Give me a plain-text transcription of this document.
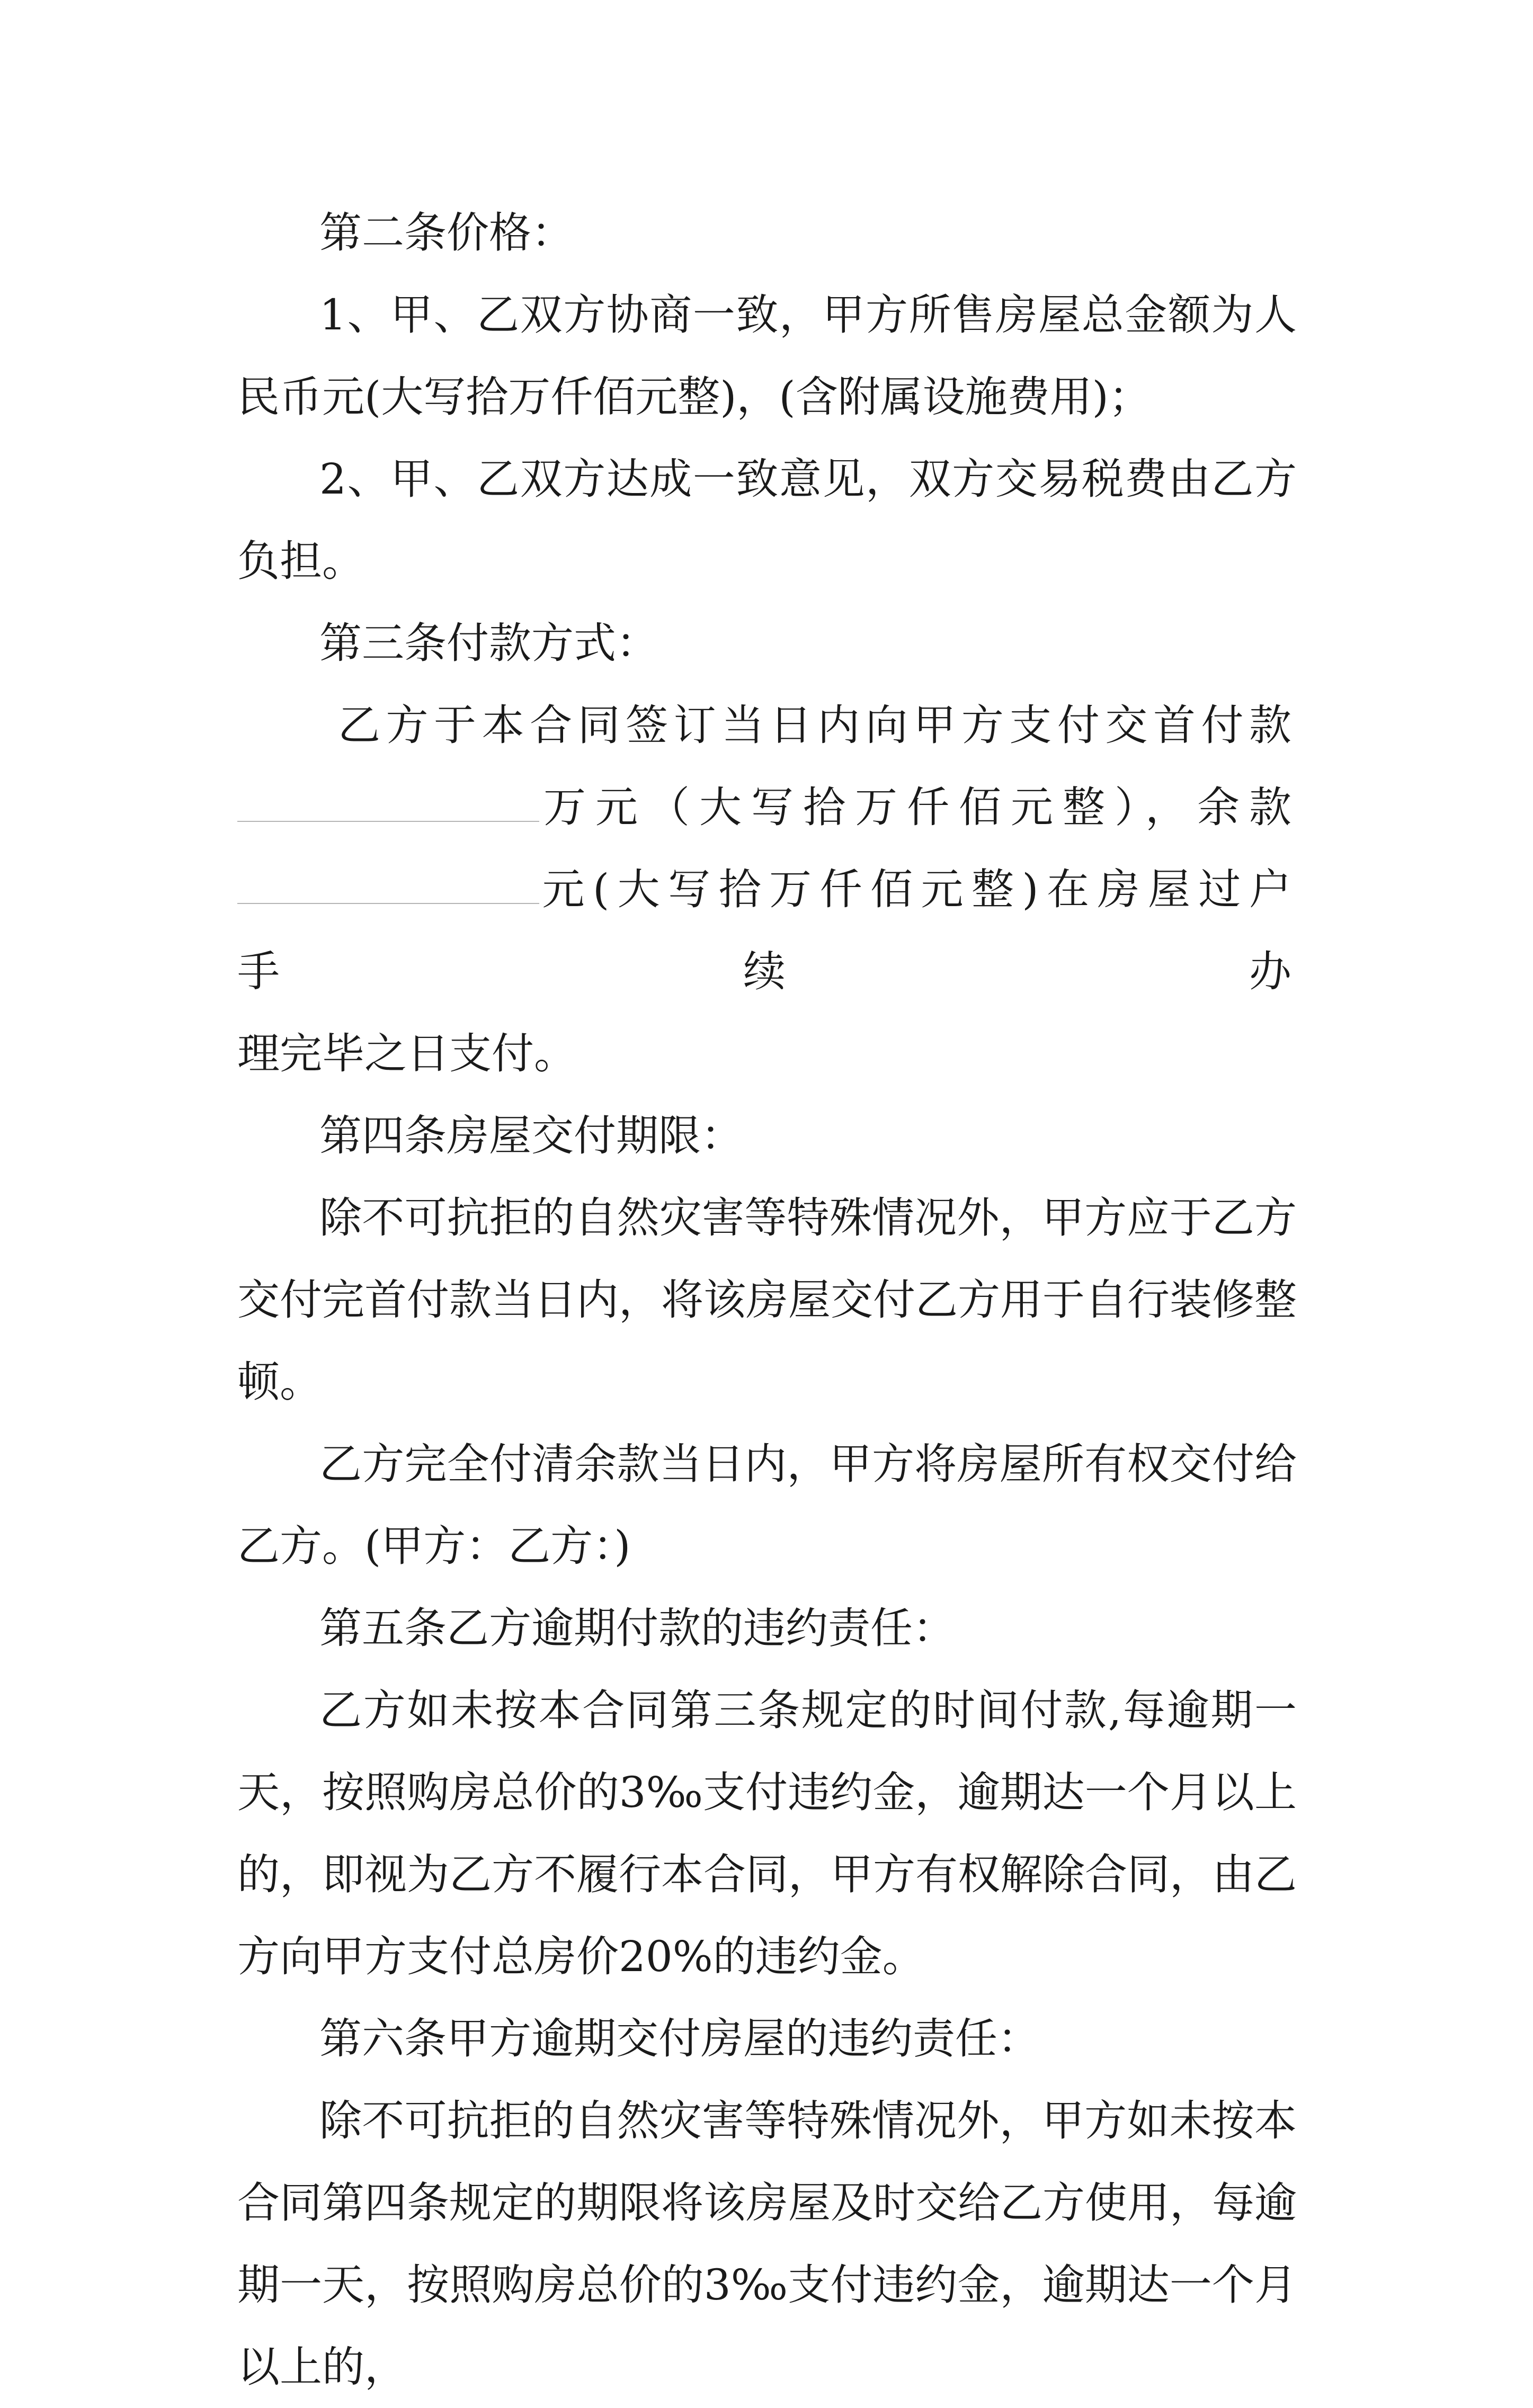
第二条价格：

1、甲、乙双方协商一致，甲方所售房屋总金额为人民币元(大写拾万仟佰元整)，(含附属设施费用)；

2、甲、乙双方达成一致意见，双方交易税费由乙方负担。

第三条付款方式：

乙方于本合同签订当日内向甲方支付交首付款
万元（大写拾万仟佰元整），余款
元(大写拾万仟佰元整)在房屋过户手续办
理完毕之日支付。

第四条房屋交付期限：

除不可抗拒的自然灾害等特殊情况外，甲方应于乙方交付完首付款当日内，将该房屋交付乙方用于自行装修整顿。

乙方完全付清余款当日内，甲方将房屋所有权交付给乙方。(甲方：乙方：)

第五条乙方逾期付款的违约责任：

乙方如未按本合同第三条规定的时间付款,每逾期一天，按照购房总价的3‰支付违约金，逾期达一个月以上的，即视为乙方不履行本合同，甲方有权解除合同，由乙方向甲方支付总房价20%的违约金。

第六条甲方逾期交付房屋的违约责任：

除不可抗拒的自然灾害等特殊情况外，甲方如未按本合同第四条规定的期限将该房屋及时交给乙方使用，每逾期一天，按照购房总价的3‰支付违约金，逾期达一个月以上的，
